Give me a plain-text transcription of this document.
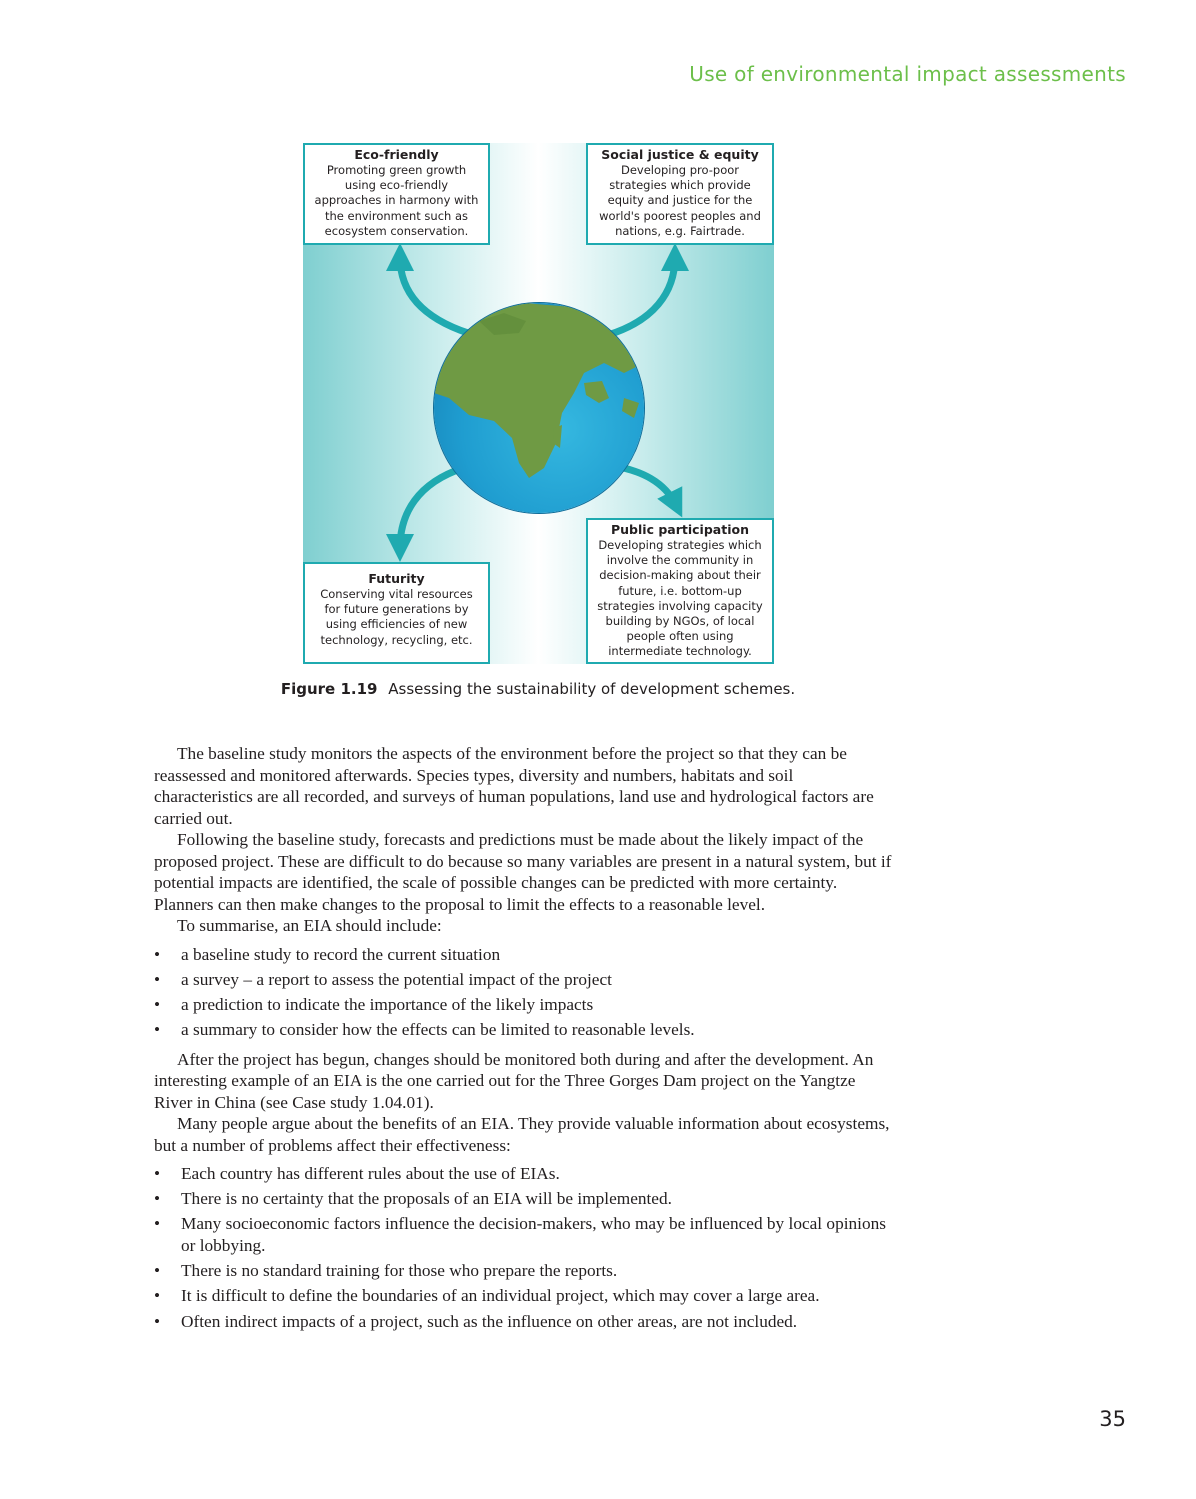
Use of environmental impact assessments
Eco-friendly
Promoting green growth
using eco-friendly
approaches in harmony with
the environment such as
ecosystem conservation.
Social justice & equity
Developing pro-poor
strategies which provide
equity and justice for the
world's poorest peoples and
nations, e.g. Fairtrade.
Futurity
Conserving vital resources
for future generations by
using efficiencies of new
technology, recycling, etc.
Public participation
Developing strategies which
involve the community in
decision-making about their
future, i.e. bottom-up
strategies involving capacity
building by NGOs, of local
people often using
intermediate technology.
Figure 1.19 Assessing the sustainability of development schemes.

The baseline study monitors the aspects of the environment before the project so that they can be reassessed and monitored afterwards. Species types, diversity and numbers, habitats and soil characteristics are all recorded, and surveys of human populations, land use and hydrological factors are carried out.

Following the baseline study, forecasts and predictions must be made about the likely impact of the proposed project. These are difficult to do because so many variables are present in a natural system, but if potential impacts are identified, the scale of possible changes can be predicted with more certainty. Planners can then make changes to the proposal to limit the effects to a reasonable level.

To summarise, an EIA should include:

• a baseline study to record the current situation
• a survey – a report to assess the potential impact of the project
• a prediction to indicate the importance of the likely impacts
• a summary to consider how the effects can be limited to reasonable levels.

After the project has begun, changes should be monitored both during and after the development. An interesting example of an EIA is the one carried out for the Three Gorges Dam project on the Yangtze River in China (see Case study 1.04.01).

Many people argue about the benefits of an EIA. They provide valuable information about ecosystems, but a number of problems affect their effectiveness:

• Each country has different rules about the use of EIAs.
• There is no certainty that the proposals of an EIA will be implemented.
• Many socioeconomic factors influence the decision-makers, who may be influenced by local opinions or lobbying.
• There is no standard training for those who prepare the reports.
• It is difficult to define the boundaries of an individual project, which may cover a large area.
• Often indirect impacts of a project, such as the influence on other areas, are not included.
35
